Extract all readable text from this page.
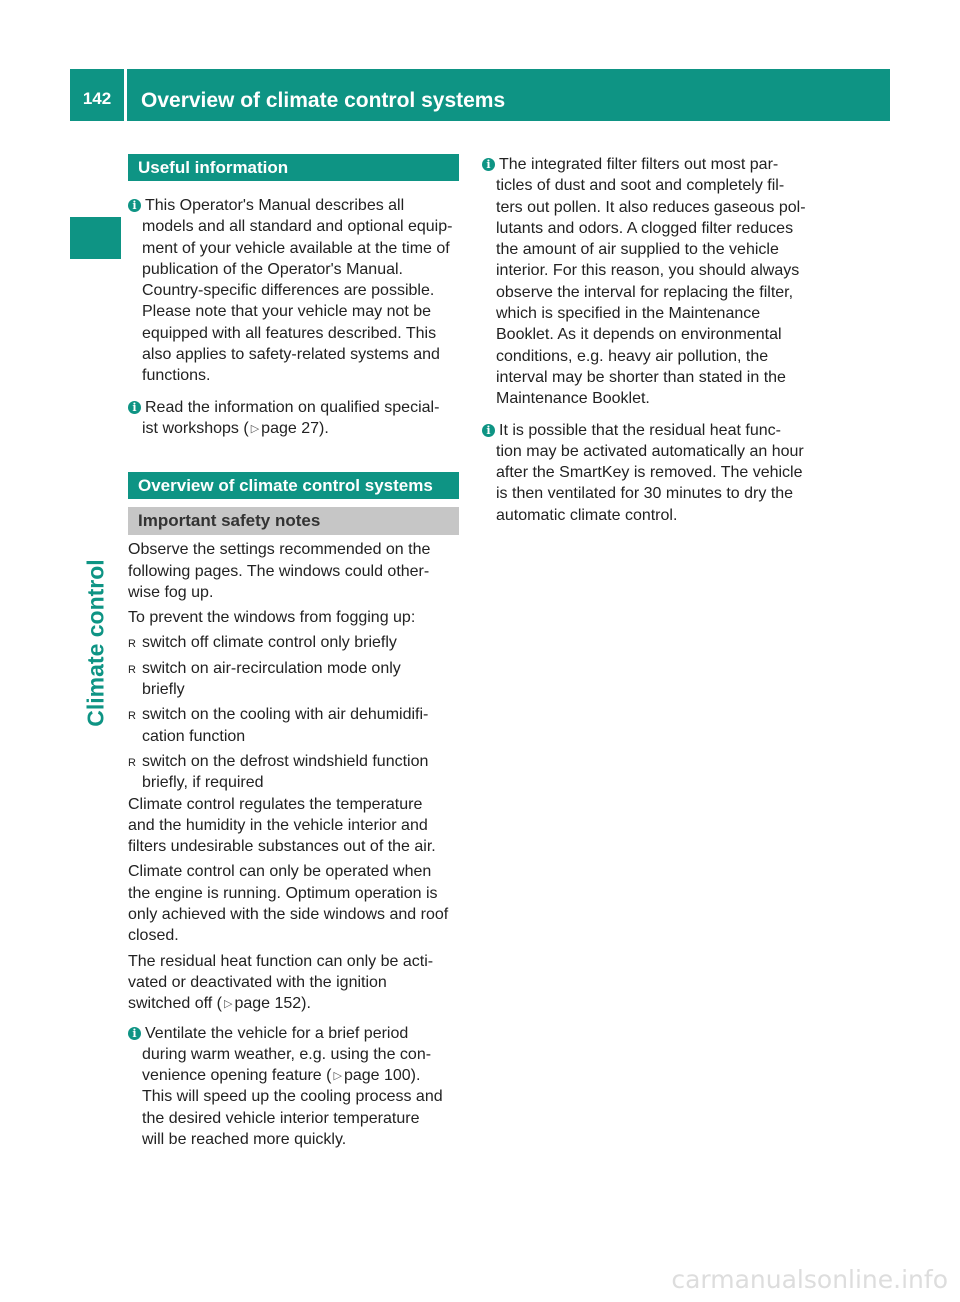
142	Overview of climate control systems
Climate control
Useful information
i This Operator's Manual describes all
models and all standard and optional equip-
ment of your vehicle available at the time of
publication of the Operator's Manual.
Country-specific differences are possible.
Please note that your vehicle may not be
equipped with all features described. This
also applies to safety-related systems and
functions.
i Read the information on qualified special-
ist workshops ( ▷ page 27).
Overview of climate control systems
Important safety notes
Observe the settings recommended on the
following pages. The windows could other-
wise fog up.
To prevent the windows from fogging up:
R switch off climate control only briefly
R switch on air-recirculation mode only
briefly
R switch on the cooling with air dehumidifi-
cation function
R switch on the defrost windshield function
briefly, if required
Climate control regulates the temperature
and the humidity in the vehicle interior and
filters undesirable substances out of the air.
Climate control can only be operated when
the engine is running. Optimum operation is
only achieved with the side windows and roof
closed.
The residual heat function can only be acti-
vated or deactivated with the ignition
switched off ( ▷ page 152).
i Ventilate the vehicle for a brief period
during warm weather, e.g. using the con-
venience opening feature ( ▷ page 100).
This will speed up the cooling process and
the desired vehicle interior temperature
will be reached more quickly.
i The integrated filter filters out most par-
ticles of dust and soot and completely fil-
ters out pollen. It also reduces gaseous pol-
lutants and odors. A clogged filter reduces
the amount of air supplied to the vehicle
interior. For this reason, you should always
observe the interval for replacing the filter,
which is specified in the Maintenance
Booklet. As it depends on environmental
conditions, e.g. heavy air pollution, the
interval may be shorter than stated in the
Maintenance Booklet.
i It is possible that the residual heat func-
tion may be activated automatically an hour
after the SmartKey is removed. The vehicle
is then ventilated for 30 minutes to dry the
automatic climate control.
carmanualsonline.info
